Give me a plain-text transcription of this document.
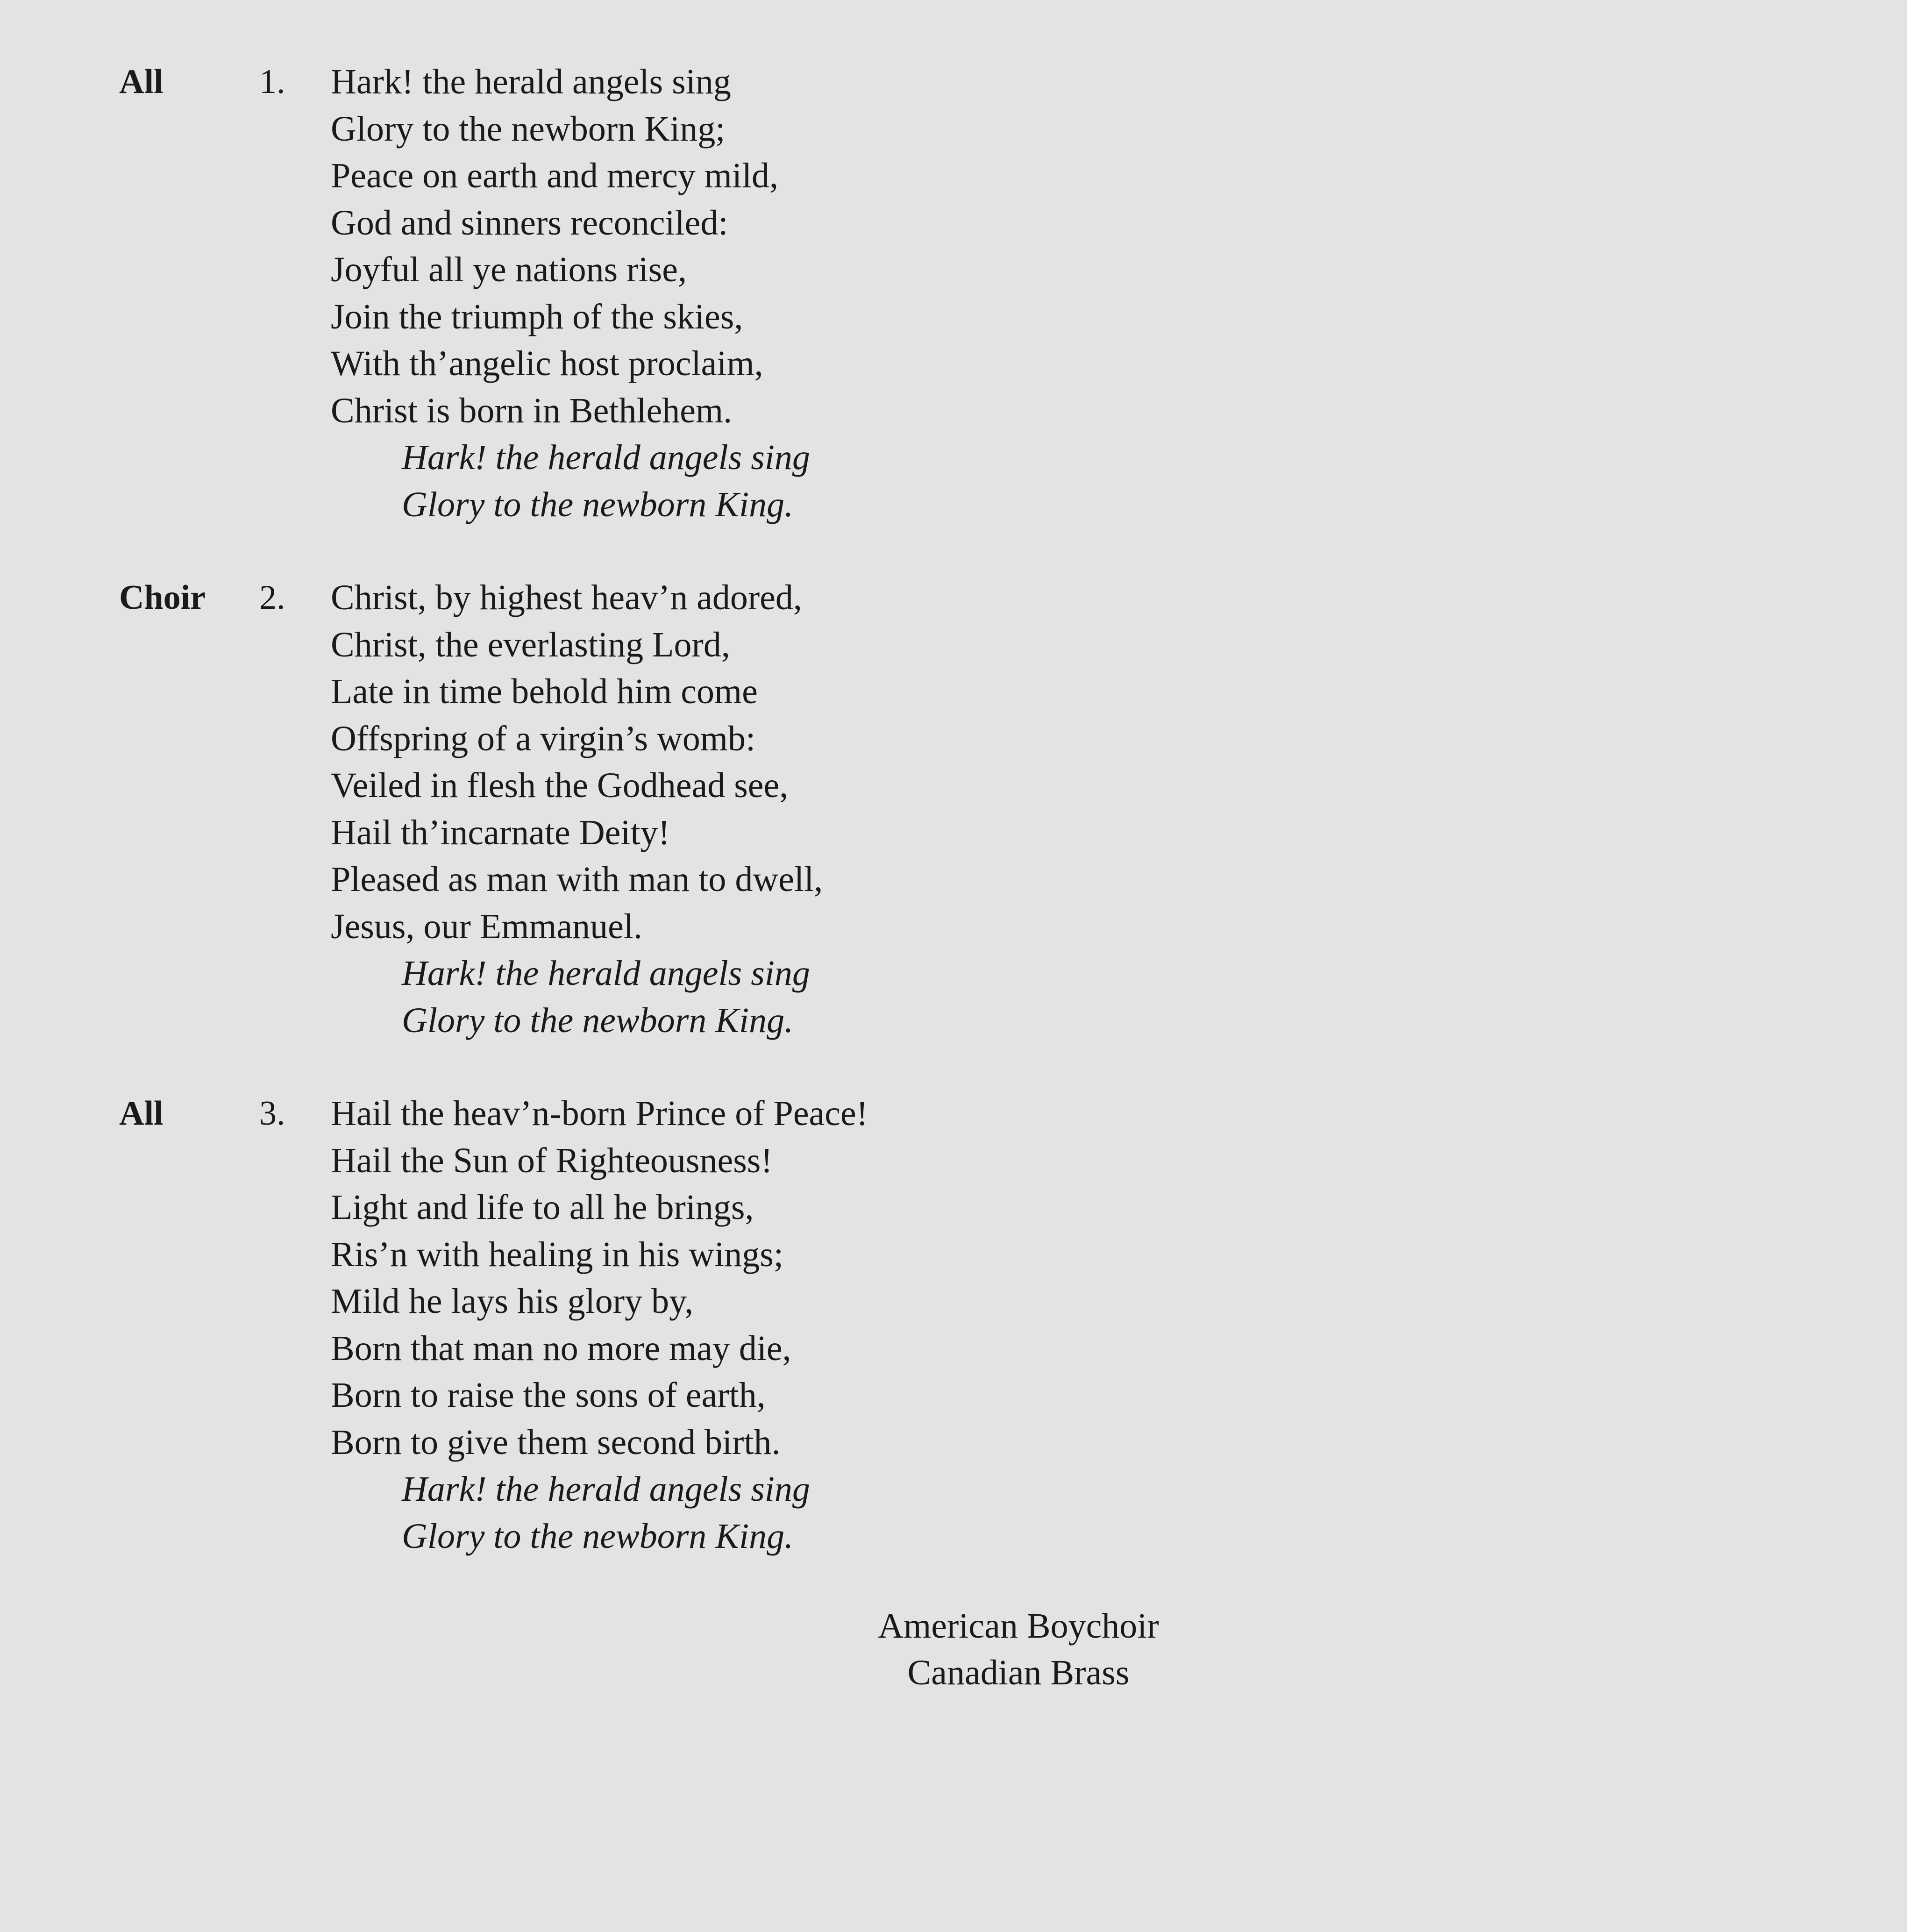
All	1. Hark! the herald angels sing
Glory to the newborn King;
Peace on earth and mercy mild,
God and sinners reconciled:
Joyful all ye nations rise,
Join the triumph of the skies,
With th’angelic host proclaim,
Christ is born in Bethlehem.
Hark! the herald angels sing
Glory to the newborn King.
Choir 2. Christ, by highest heav’n adored,
Christ, the everlasting Lord,
Late in time behold him come
Offspring of a virgin’s womb:
Veiled in flesh the Godhead see,
Hail th’incarnate Deity!
Pleased as man with man to dwell,
Jesus, our Emmanuel.
Hark! the herald angels sing
Glory to the newborn King.
All	3. Hail the heav’n-born Prince of Peace!
Hail the Sun of Righteousness!
Light and life to all he brings,
Ris’n with healing in his wings;
Mild he lays his glory by,
Born that man no more may die,
Born to raise the sons of earth,
Born to give them second birth.
Hark! the herald angels sing
Glory to the newborn King.
American Boychoir
Canadian Brass
